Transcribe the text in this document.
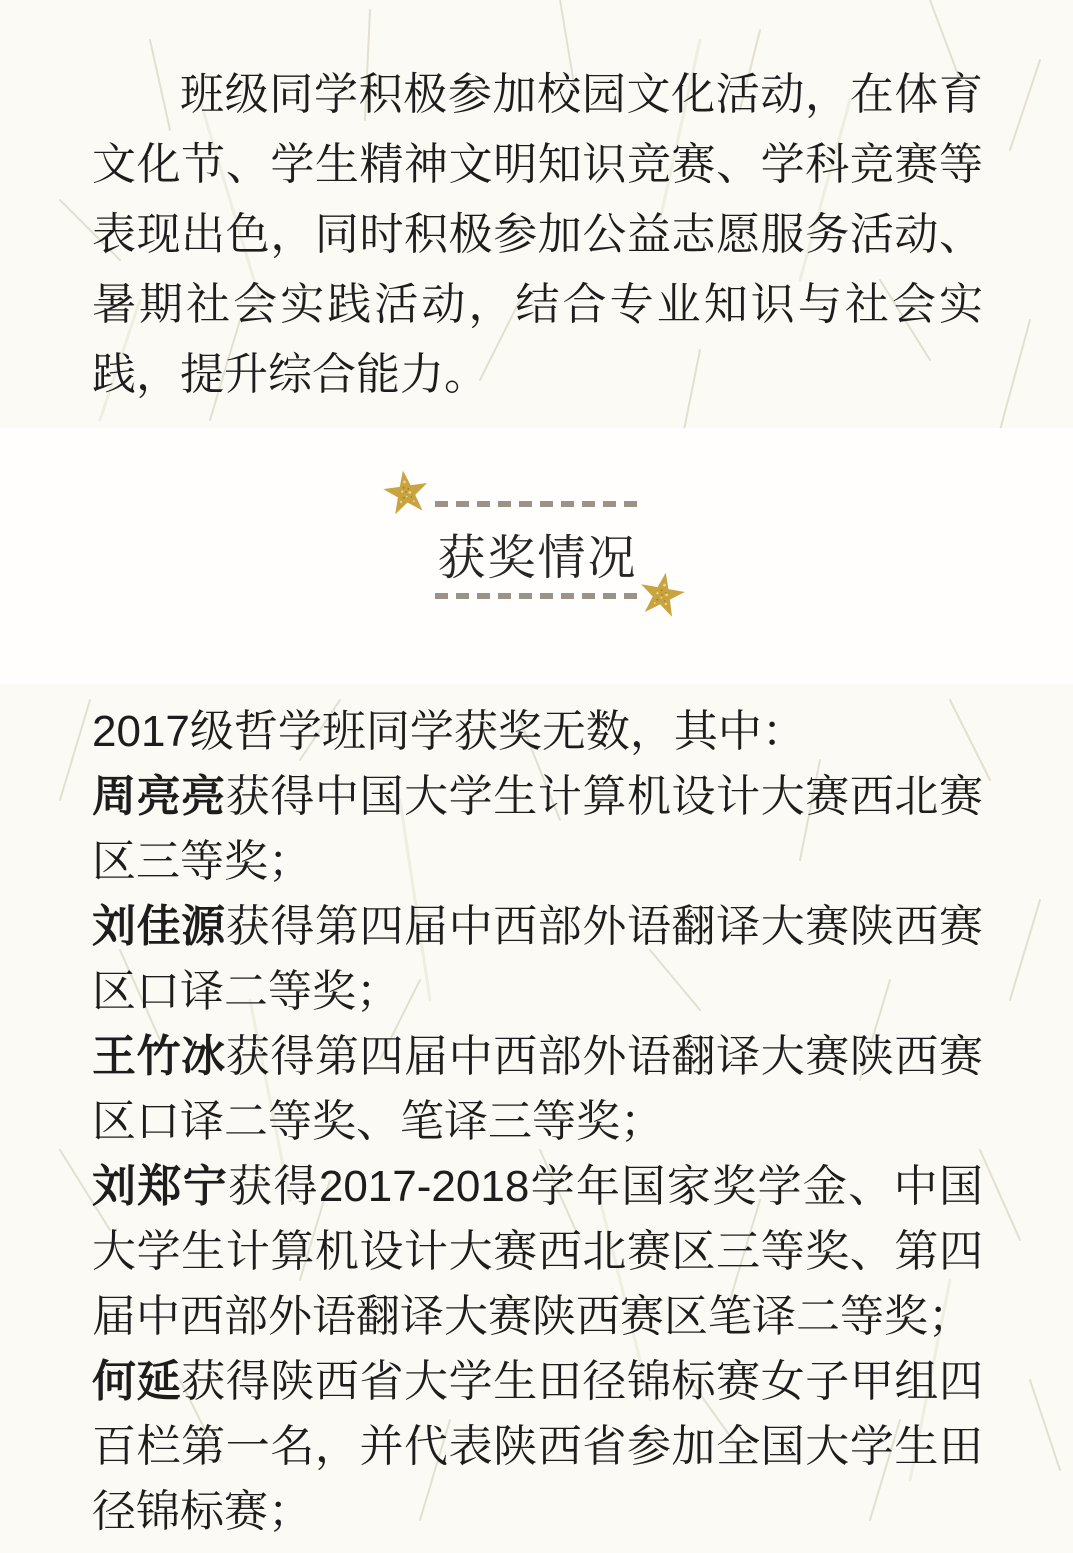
班级同学积极参加校园文化活动，在体育文化节、学生精神文明知识竞赛、学科竞赛等表现出色，同时积极参加公益志愿服务活动、暑期社会实践活动，结合专业知识与社会实践，提升综合能力。

获奖情况

2017级哲学班同学获奖无数，其中：

周亮亮获得中国大学生计算机设计大赛西北赛区三等奖；

刘佳源获得第四届中西部外语翻译大赛陕西赛区口译二等奖；

王竹冰获得第四届中西部外语翻译大赛陕西赛区口译二等奖、笔译三等奖；

刘郑宁获得2017-2018学年国家奖学金、中国大学生计算机设计大赛西北赛区三等奖、第四届中西部外语翻译大赛陕西赛区笔译二等奖；

何延获得陕西省大学生田径锦标赛女子甲组四百栏第一名，并代表陕西省参加全国大学生田径锦标赛；
